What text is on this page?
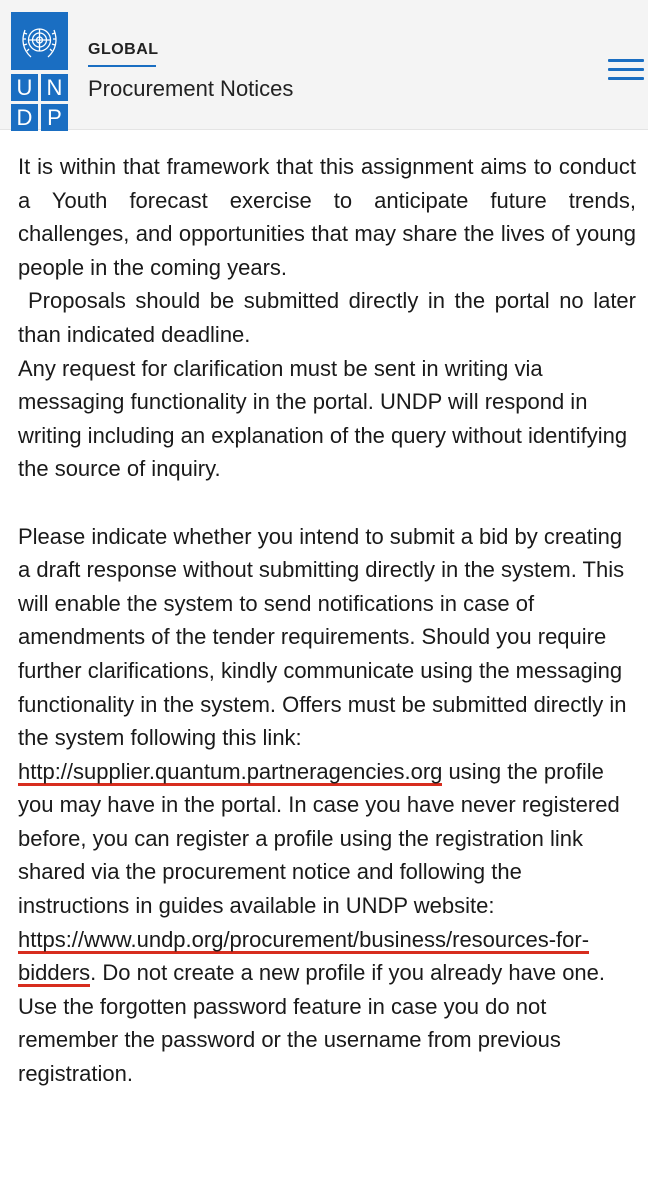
U N
D P
GLOBAL
Procurement Notices

It is within that framework that this assignment aims to conduct a Youth forecast exercise to anticipate future trends, challenges, and opportunities that may share the lives of young people in the coming years.

Proposals should be submitted directly in the portal no later than indicated deadline.

Any request for clarification must be sent in writing via messaging functionality in the portal. UNDP will respond in writing including an explanation of the query without identifying the source of inquiry.

Please indicate whether you intend to submit a bid by creating a draft response without submitting directly in the system. This will enable the system to send notifications in case of amendments of the tender requirements. Should you require further clarifications, kindly communicate using the messaging functionality in the system. Offers must be submitted directly in the system following this link: http://supplier.quantum.partneragencies.org using the profile you may have in the portal. In case you have never registered before, you can register a profile using the registration link shared via the procurement notice and following the instructions in guides available in UNDP website: https://www.undp.org/procurement/business/resources-for-bidders. Do not create a new profile if you already have one. Use the forgotten password feature in case you do not remember the password or the username from previous registration.
